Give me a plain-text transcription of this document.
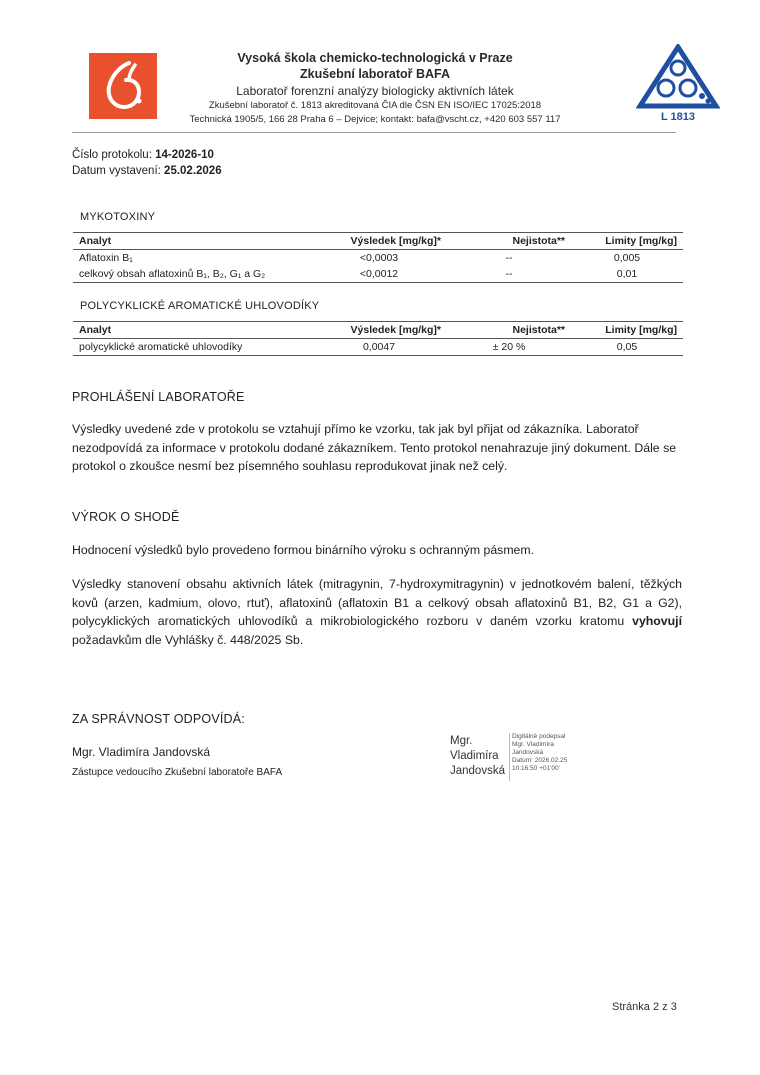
Vysoká škola chemicko-technologická v Praze
Zkušební laboratoř BAFA
Laboratoř forenzní analýzy biologicky aktivních látek
Zkušební laboratoř č. 1813 akreditovaná ČIA dle ČSN EN ISO/IEC 17025:2018
Technická 1905/5, 166 28 Praha 6 – Dejvice; kontakt: bafa@vscht.cz, +420 603 557 117	L 1813
Číslo protokolu: 14-2026-10
Datum vystavení: 25.02.2026
MYKOTOXINY
Analyt	Výsledek [mg/kg]*	Nejistota**	Limity [mg/kg]
Aflatoxin B₁	<0,0003	--	0,005
celkový obsah aflatoxinů B₁, B₂, G₁ a G₂	<0,0012	--	0,01
POLYCYKLICKÉ AROMATICKÉ UHLOVODÍKY
Analyt	Výsledek [mg/kg]*	Nejistota**	Limity [mg/kg]
polycyklické aromatické uhlovodíky	0,0047	± 20 %	0,05
PROHLÁŠENÍ LABORATOŘE
Výsledky uvedené zde v protokolu se vztahují přímo ke vzorku, tak jak byl přijat od zákazníka. Laboratoř nezodpovídá za informace v protokolu dodané zákazníkem. Tento protokol nenahrazuje jiný dokument. Dále se protokol o zkoušce nesmí bez písemného souhlasu reprodukovat jinak než celý.
VÝROK O SHODĚ
Hodnocení výsledků bylo provedeno formou binárního výroku s ochranným pásmem.
Výsledky stanovení obsahu aktivních látek (mitragynin, 7-hydroxymitragynin) v jednotkovém balení, těžkých kovů (arzen, kadmium, olovo, rtuť), aflatoxinů (aflatoxin B1 a celkový obsah aflatoxinů B1, B2, G1 a G2), polycyklických aromatických uhlovodíků a mikrobiologického rozboru v daném vzorku kratomu vyhovují požadavkům dle Vyhlášky č. 448/2025 Sb.
ZA SPRÁVNOST ODPOVÍDÁ:
Mgr. Vladimíra Jandovská
Zástupce vedoucího Zkušební laboratoře BAFA
Mgr.
Vladimíra
Jandovská
Digitálně podepsal
Mgr. Vladimíra
Jandovská
Datum: 2026.02.25
10:16:50 +01'00'
Stránka 2 z 3
